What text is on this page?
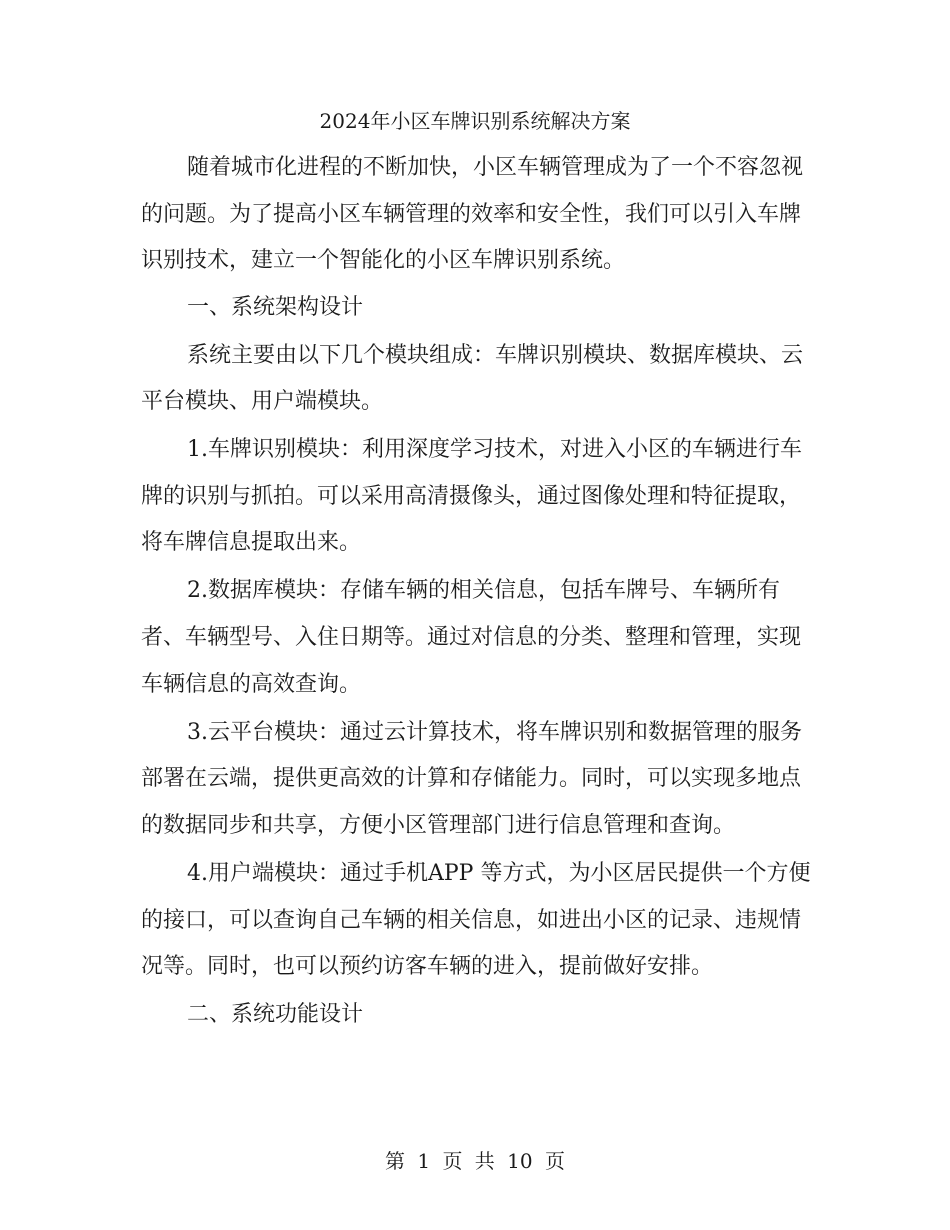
2024年小区车牌识别系统解决方案
随着城市化进程的不断加快，小区车辆管理成为了一个不容忽视
的问题。为了提高小区车辆管理的效率和安全性，我们可以引入车牌
识别技术，建立一个智能化的小区车牌识别系统。
一、系统架构设计
系统主要由以下几个模块组成：车牌识别模块、数据库模块、云
平台模块、用户端模块。
1.车牌识别模块：利用深度学习技术，对进入小区的车辆进行车
牌的识别与抓拍。可以采用高清摄像头，通过图像处理和特征提取，
将车牌信息提取出来。
2.数据库模块：存储车辆的相关信息，包括车牌号、车辆所有
者、车辆型号、入住日期等。通过对信息的分类、整理和管理，实现
车辆信息的高效查询。
3.云平台模块：通过云计算技术，将车牌识别和数据管理的服务
部署在云端，提供更高效的计算和存储能力。同时，可以实现多地点
的数据同步和共享，方便小区管理部门进行信息管理和查询。
4.用户端模块：通过手机APP 等方式，为小区居民提供一个方便
的接口，可以查询自己车辆的相关信息，如进出小区的记录、违规情
况等。同时，也可以预约访客车辆的进入，提前做好安排。
二、系统功能设计
第 1 页 共 10 页
